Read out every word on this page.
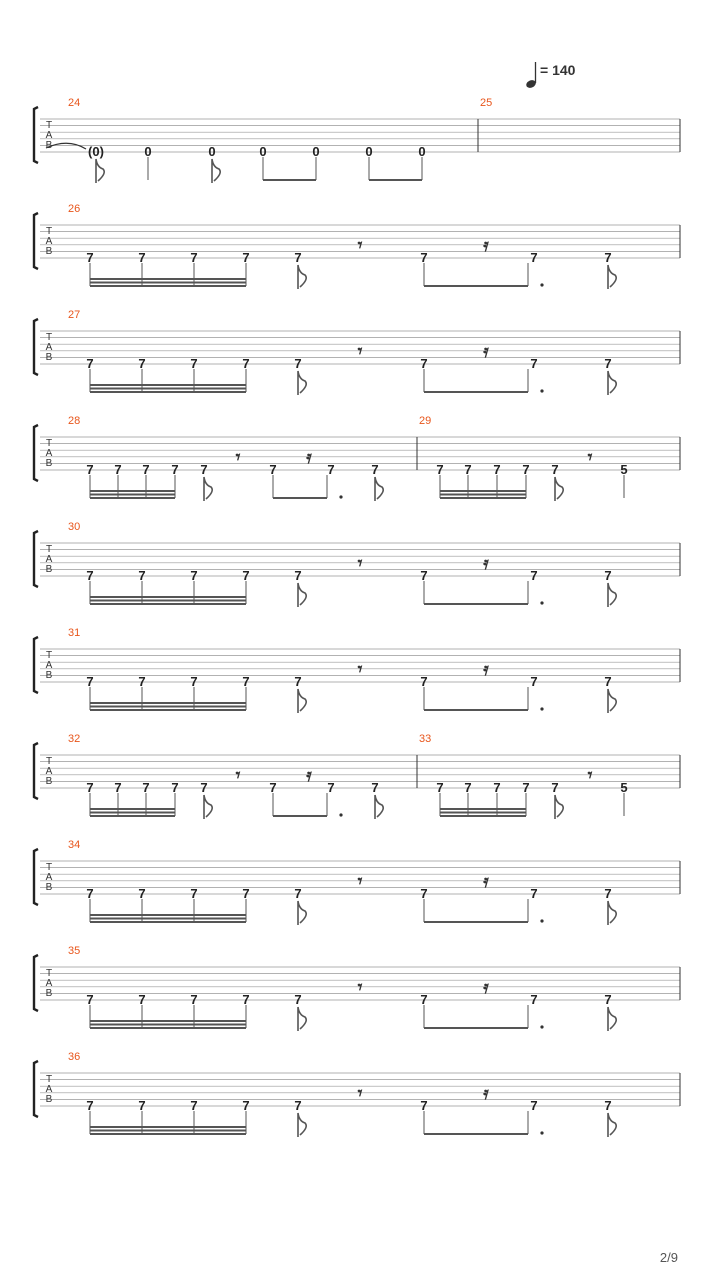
= 140
T
A
B
24
(0)	0	0	0	0	0	0
25
T
A
B
26
7	7	7	7	7	7	7	7
𝄾	𝄿
T
A
B
27
7	7	7	7	7	7	7	7
𝄾	𝄿
T
A
B
28
7 7 7 7 7	7	7	7
𝄾	𝄿
29
7 7 7 7 7	5
𝄾
T
A
B
30
7	7	7	7	7	7	7	7
𝄾	𝄿
T
A
B
31
7	7	7	7	7	7	7	7
𝄾	𝄿
T
A
B
32
7 7 7 7 7	7	7	7
𝄾	𝄿
33
7 7 7 7 7	5
𝄾
T
A
B
34
7	7	7	7	7	7	7	7
𝄾	𝄿
T
A
B
35
7	7	7	7	7	7	7	7
𝄾	𝄿
T
A
B
36
7	7	7	7	7	7	7	7
𝄾	𝄿
2/9
